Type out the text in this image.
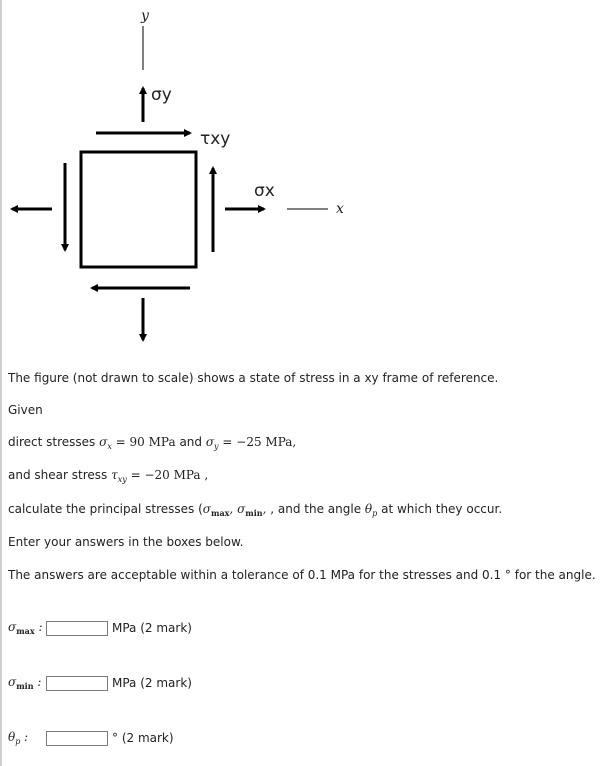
y
σy
τxy
σx
x
The figure (not drawn to scale) shows a state of stress in a xy frame of reference.
Given
direct stresses $\sigma_x = 90$ MPa and $\sigma_y = -25$ MPa,
and shear stress $\tau_{xy} = -20$ MPa ,
calculate the principal stresses ($\sigma_{max}$, $\sigma_{min}$, , and the angle $\theta_p$ at which they occur.
Enter your answers in the boxes below.
The answers are acceptable within a tolerance of 0.1 MPa for the stresses and 0.1 ° for the angle.
$\sigma_{max}$ :	MPa (2 mark)
$\sigma_{min}$ :	MPa (2 mark)
$\theta_p$ :	° (2 mark)
